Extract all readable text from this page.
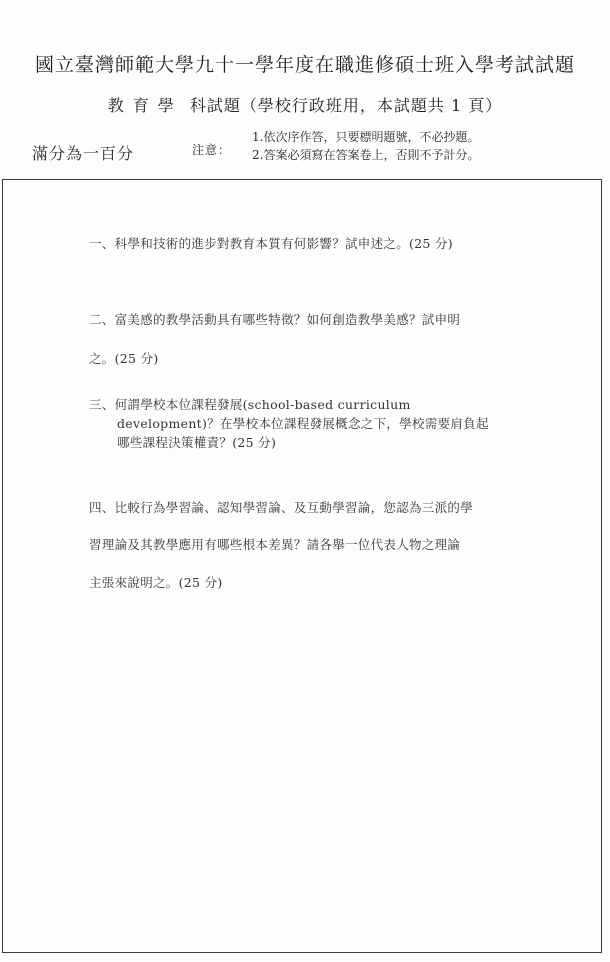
國立臺灣師範大學九十一學年度在職進修碩士班入學考試試題
教育學 科試題（學校行政班用，本試題共 1 頁）
滿分為一百分	注意：
1.依次序作答，只要標明題號，不必抄題。
2.答案必須寫在答案卷上，否則不予計分。
一、科學和技術的進步對教育本質有何影響？試申述之。(25 分)
二、富美感的教學活動具有哪些特徵？如何創造教學美感？試申明
之。(25 分)
三、何謂學校本位課程發展(school-based curriculum
development)？在學校本位課程發展概念之下，學校需要肩負起
哪些課程決策權責？(25 分)
四、比較行為學習論、認知學習論、及互動學習論，您認為三派的學
習理論及其教學應用有哪些根本差異？請各舉一位代表人物之理論
主張來說明之。(25 分)
